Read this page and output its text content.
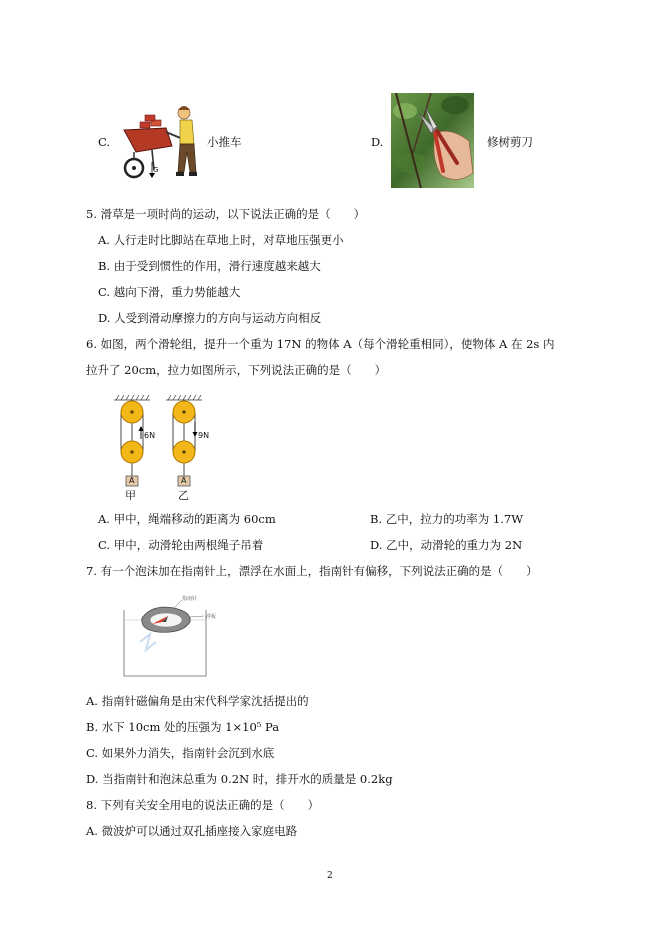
C.
G
小推车	D.	修树剪刀
5. 滑草是一项时尚的运动，以下说法正确的是（　　）
A. 人行走时比脚站在草地上时，对草地压强更小
B. 由于受到惯性的作用，滑行速度越来越大
C. 越向下滑，重力势能越大
D. 人受到滑动摩擦力的方向与运动方向相反
6. 如图，两个滑轮组，提升一个重为 17N 的物体 A（每个滑轮重相同），使物体 A 在 2s 内
拉升了 20cm，拉力如图所示，下列说法正确的是（　　）
6N	9N
A	A
甲	乙
A. 甲中，绳端移动的距离为 60cm	B. 乙中，拉力的功率为 1.7W
C. 甲中，动滑轮由两根绳子吊着	D. 乙中，动滑轮的重力为 2N
7. 有一个泡沫加在指南针上，漂浮在水面上，指南针有偏移，下列说法正确的是（　　）
指南针
浮板
A. 指南针磁偏角是由宋代科学家沈括提出的
B. 水下 10cm 处的压强为 1×10⁵ Pa
C. 如果外力消失，指南针会沉到水底
D. 当指南针和泡沫总重为 0.2N 时，排开水的质量是 0.2kg
8. 下列有关安全用电的说法正确的是（　　）
A. 微波炉可以通过双孔插座接入家庭电路
2
